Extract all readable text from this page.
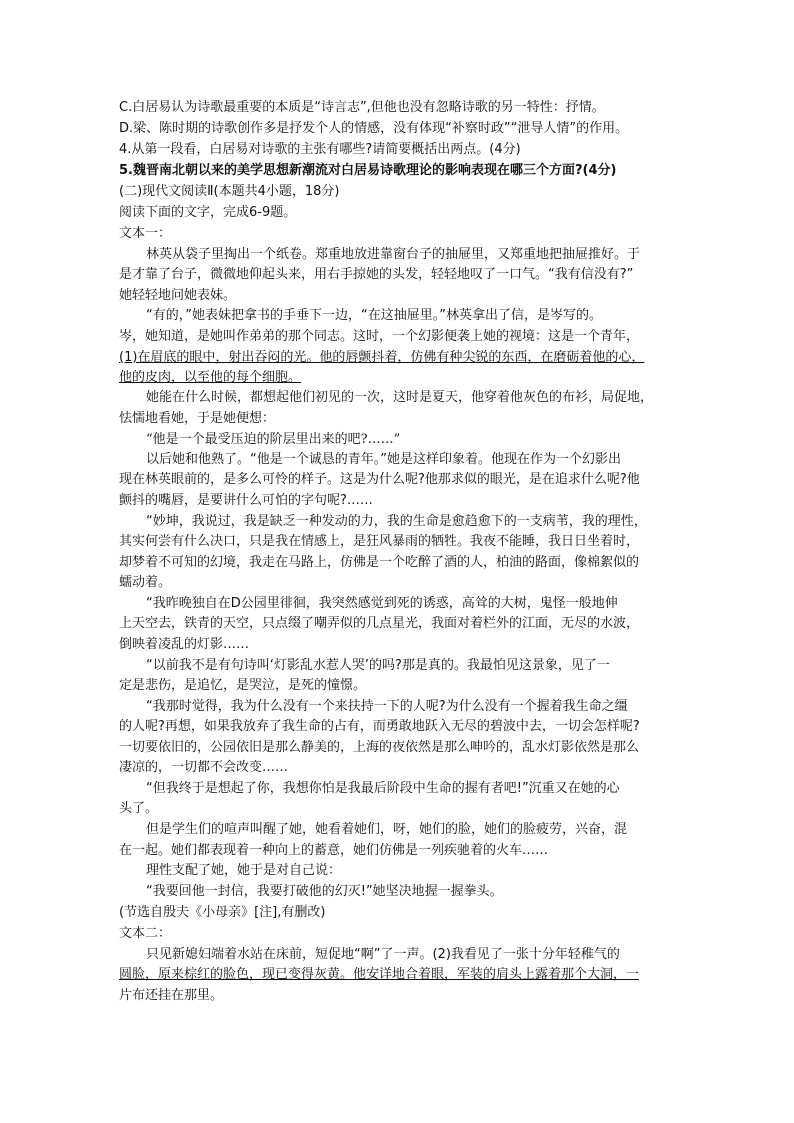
C.白居易认为诗歌最重要的本质是“诗言志”,但他也没有忽略诗歌的另一特性：抒情。
D.梁、陈时期的诗歌创作多是抒发个人的情感，没有体现“补察时政”“泄导人情”的作用。
4.从第一段看，白居易对诗歌的主张有哪些?请简要概括出两点。(4分)
5.魏晋南北朝以来的美学思想新潮流对白居易诗歌理论的影响表现在哪三个方面?(4分)
(二)现代文阅读Ⅱ(本题共4小题，18分)
阅读下面的文字，完成6-9题。
文本一：
林英从袋子里掏出一个纸卷。郑重地放进靠窗台子的抽屉里，又郑重地把抽屉推好。于
是才靠了台子，微微地仰起头来，用右手掠她的头发，轻轻地叹了一口气。“我有信没有?”
她轻轻地问她表妹。
“有的，”她表妹把拿书的手垂下一边，“在这抽屉里。”林英拿出了信，是岑写的。
岑，她知道，是她叫作弟弟的那个同志。这时，一个幻影便袭上她的视境：这是一个青年，
(1)在眉底的眼中，射出吞闷的光。他的唇颤抖着，仿佛有种尖锐的东西，在磨砺着他的心，
他的皮肉，以至他的每个细胞。
她能在什么时候，都想起他们初见的一次，这时是夏天，他穿着他灰色的布衫，局促地，
怯懦地看她，于是她便想：
“他是一个最受压迫的阶层里出来的吧?……”
以后她和他熟了。“他是一个诚恳的青年。”她是这样印象着。他现在作为一个幻影出
现在林英眼前的，是多么可怜的样子。这是为什么呢?他那求似的眼光，是在追求什么呢?他
颤抖的嘴唇，是要讲什么可怕的字句呢?……
“妙坤，我说过，我是缺乏一种发动的力，我的生命是愈趋愈下的一支病苇，我的理性，
其实何尝有什么决口，只是我在情感上，是狂风暴雨的牺牲。我夜不能睡，我日日坐着时，
却梦着不可知的幻境，我走在马路上，仿佛是一个吃醉了酒的人，柏油的路面，像棉絮似的
蠕动着。
“我昨晚独自在D公园里徘徊，我突然感觉到死的诱惑，高耸的大树，鬼怪一般地伸
上天空去，铁青的天空，只点缀了嘲弄似的几点星光，我面对着栏外的江面，无尽的水波，
倒映着凌乱的灯影……
“以前我不是有句诗叫‘灯影乱水惹人哭’的吗?那是真的。我最怕见这景象，见了一
定是悲伤，是追忆，是哭泣，是死的憧憬。
“我那时觉得，我为什么没有一个来扶持一下的人呢?为什么没有一个握着我生命之缰
的人呢?再想，如果我放弃了我生命的占有，而勇敢地跃入无尽的碧波中去，一切会怎样呢?
一切要依旧的，公园依旧是那么静美的，上海的夜依然是那么呻吟的，乱水灯影依然是那么
凄凉的，一切都不会改变……
“但我终于是想起了你，我想你怕是我最后阶段中生命的握有者吧!”沉重又在她的心
头了。
但是学生们的喧声叫醒了她，她看着她们，呀，她们的脸，她们的脸疲劳，兴奋，混
在一起。她们都表现着一种向上的蓄意，她们仿佛是一列疾驰着的火车……
理性支配了她，她于是对自己说：
“我要回他一封信，我要打破他的幻灭!”她坚决地握一握拳头。
(节选自殷夫《小母亲》[注],有删改)
文本二：
只见新媳妇端着水站在床前，短促地“啊”了一声。(2)我看见了一张十分年轻稚气的
圆脸，原来棕红的脸色，现已变得灰黄。他安详地合着眼，军装的肩头上露着那个大洞，一
片布还挂在那里。
